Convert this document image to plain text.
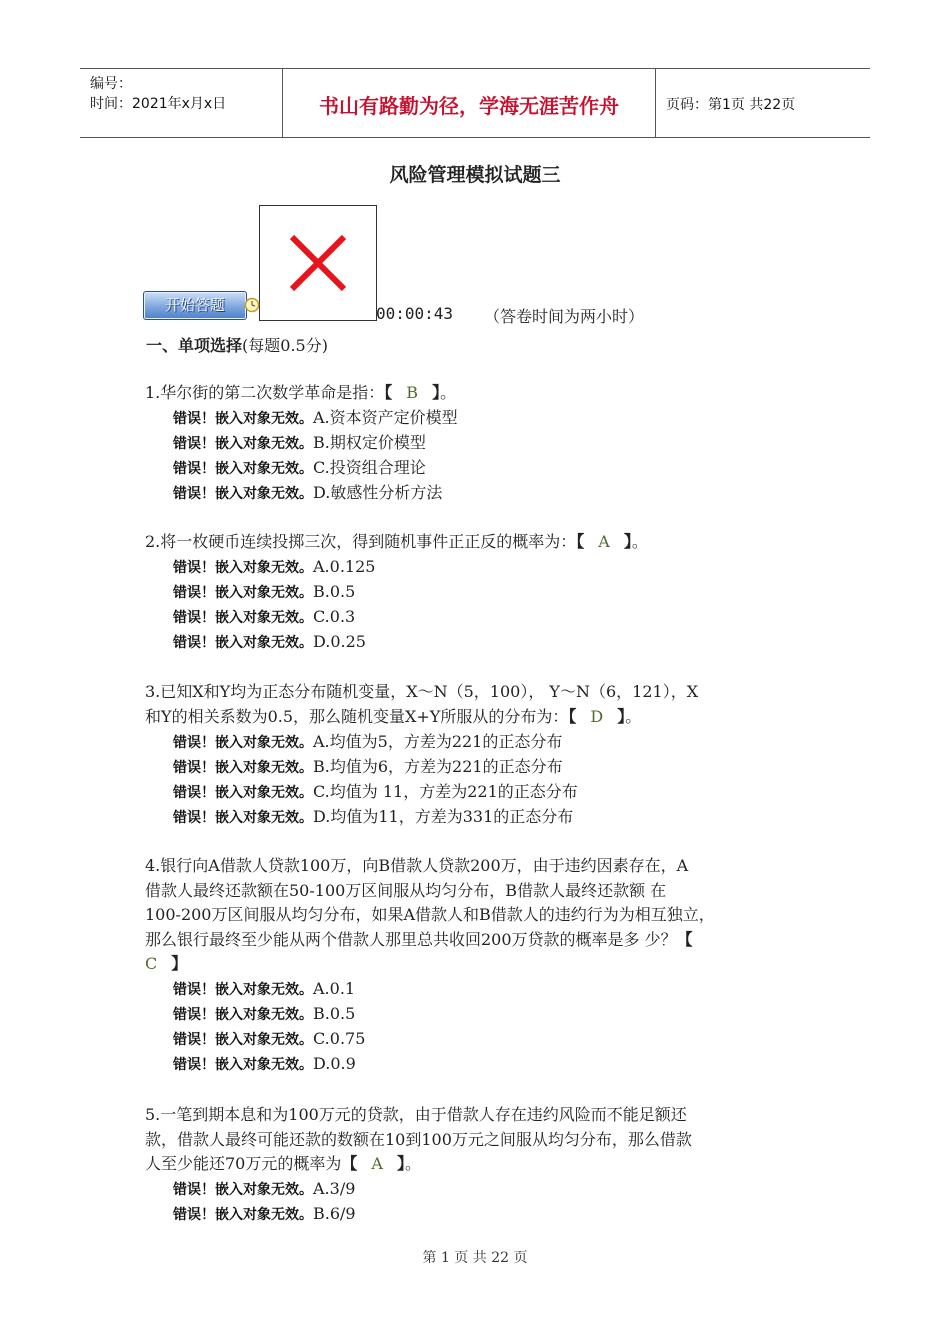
编号：
时间：2021年x月x日	书山有路勤为径，学海无涯苦作舟	页码：第1页 共22页
风险管理模拟试题三
开始答题	00:00:43 （答卷时间为两小时）
一、单项选择(每题0.5分)
1.华尔街的第二次数学革命是指：【 B 】。
错误！嵌入对象无效。A.资本资产定价模型
错误！嵌入对象无效。B.期权定价模型
错误！嵌入对象无效。C.投资组合理论
错误！嵌入对象无效。D.敏感性分析方法
2.将一枚硬币连续投掷三次，得到随机事件正正反的概率为：【 A 】。
错误！嵌入对象无效。A.0.125
错误！嵌入对象无效。B.0.5
错误！嵌入对象无效。C.0.3
错误！嵌入对象无效。D.0.25
3.已知X和Y均为正态分布随机变量，X～N（5，100）， Y～N（6，121），X
和Y的相关系数为0.5，那么随机变量X+Y所服从的分布为：【 D 】。
错误！嵌入对象无效。A.均值为5，方差为221的正态分布
错误！嵌入对象无效。B.均值为6，方差为221的正态分布
错误！嵌入对象无效。C.均值为 11，方差为221的正态分布
错误！嵌入对象无效。D.均值为11，方差为331的正态分布
4.银行向A借款人贷款100万，向B借款人贷款200万，由于违约因素存在，A
借款人最终还款额在50-100万区间服从均匀分布，B借款人最终还款额 在
100-200万区间服从均匀分布，如果A借款人和B借款人的违约行为为相互独立，
那么银行最终至少能从两个借款人那里总共收回200万贷款的概率是多 少？【
C 】
错误！嵌入对象无效。A.0.1
错误！嵌入对象无效。B.0.5
错误！嵌入对象无效。C.0.75
错误！嵌入对象无效。D.0.9
5.一笔到期本息和为100万元的贷款，由于借款人存在违约风险而不能足额还
款，借款人最终可能还款的数额在10到100万元之间服从均匀分布，那么借款
人至少能还70万元的概率为【 A 】。
错误！嵌入对象无效。A.3/9
错误！嵌入对象无效。B.6/9
第 1 页 共 22 页
